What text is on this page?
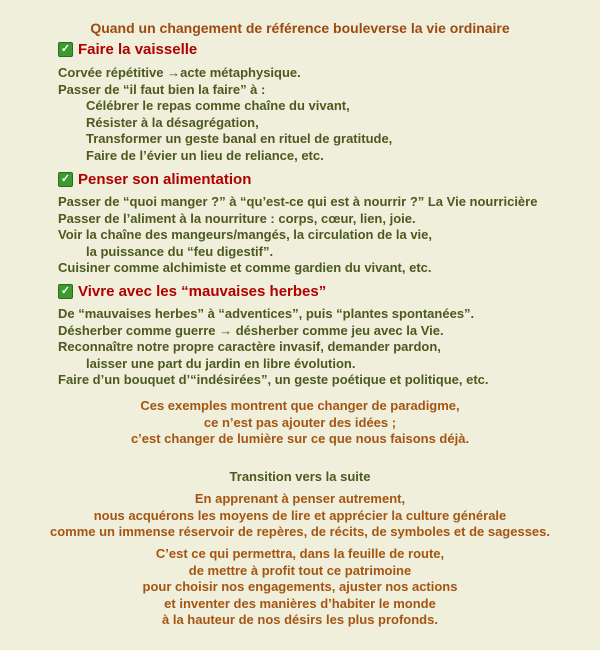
Quand un changement de référence bouleverse la vie ordinaire
✓ Faire la vaisselle
Corvée répétitive →acte métaphysique.
Passer de “il faut bien la faire” à :
Célébrer le repas comme chaîne du vivant,
Résister à la désagrégation,
Transformer un geste banal en rituel de gratitude,
Faire de l’évier un lieu de reliance, etc.
✓ Penser son alimentation
Passer de “quoi manger ?” à “qu’est-ce qui est à nourrir ?” La Vie nourricière
Passer de l’aliment à la nourriture : corps, cœur, lien, joie.
Voir la chaîne des mangeurs/mangés, la circulation de la vie,
la puissance du “feu digestif”.
Cuisiner comme alchimiste et comme gardien du vivant, etc.
✓ Vivre avec les “mauvaises herbes”
De “mauvaises herbes” à “adventices”, puis “plantes spontanées”.
Désherber comme guerre → désherber comme jeu avec la Vie.
Reconnaître notre propre caractère invasif, demander pardon,
laisser une part du jardin en libre évolution.
Faire d’un bouquet d’“indésirées”, un geste poétique et politique, etc.
Ces exemples montrent que changer de paradigme,
ce n’est pas ajouter des idées ;
c’est changer de lumière sur ce que nous faisons déjà.
Transition vers la suite
En apprenant à penser autrement,
nous acquérons les moyens de lire et apprécier la culture générale
comme un immense réservoir de repères, de récits, de symboles et de sagesses.
C’est ce qui permettra, dans la feuille de route,
de mettre à profit tout ce patrimoine
pour choisir nos engagements, ajuster nos actions
et inventer des manières d’habiter le monde
à la hauteur de nos désirs les plus profonds.
